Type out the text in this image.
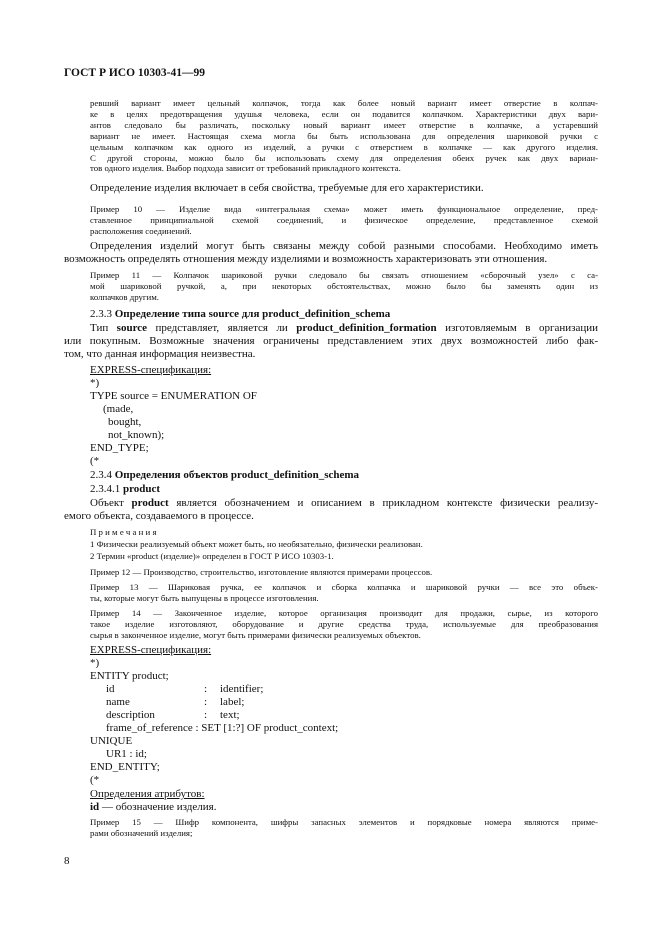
ГОСТ Р ИСО 10303-41—99
ревший вариант имеет цельный колпачок, тогда как более новый вариант имеет отверстие в колпач-
ке в целях предотвращения удушья человека, если он подавится колпачком. Характеристики двух вари-
антов следовало бы различать, поскольку новый вариант имеет отверстие в колпачке, а устаревший
вариант не имеет. Настоящая схема могла бы быть использована для определения шариковой ручки с
цельным колпачком как одного из изделий, а ручки с отверстием в колпачке — как другого изделия.
С другой стороны, можно было бы использовать схему для определения обеих ручек как двух вариан-
тов одного изделия. Выбор подхода зависит от требований прикладного контекста.
Определение изделия включает в себя свойства, требуемые для его характеристики.
Пример 10 — Изделие вида «интегральная схема» может иметь функциональное определение, пред-
ставленное принципиальной схемой соединений, и физическое определение, представленное схемой
расположения соединений.
Определения изделий могут быть связаны между собой разными способами. Необходимо иметь
возможность определять отношения между изделиями и возможность характеризовать эти отношения.
Пример 11 — Колпачок шариковой ручки следовало бы связать отношением «сборочный узел» с са-
мой шариковой ручкой, а, при некоторых обстоятельствах, можно было бы заменять один из
колпачков другим.
2.3.3 Определение типа source для product_definition_schema
Тип source представляет, является ли product_definition_formation изготовляемым в организации
или покупным. Возможные значения ограничены представлением этих двух возможностей либо фак-
том, что данная информация неизвестна.
EXPRESS-спецификация:
*)
TYPE source = ENUMERATION OF
(made,
bought,
not_known);
END_TYPE;
(*
2.3.4 Определения объектов product_definition_schema
2.3.4.1 product
Объект product является обозначением и описанием в прикладном контексте физически реализу-
емого объекта, создаваемого в процессе.
П р и м е ч а н и я
1 Физически реализуемый объект может быть, но необязательно, физически реализован.
2 Термин «product (изделие)» определен в ГОСТ Р ИСО 10303-1.
Пример 12 — Производство, строительство, изготовление являются примерами процессов.
Пример 13 — Шариковая ручка, ее колпачок и сборка колпачка и шариковой ручки — все это объек-
ты, которые могут быть выпущены в процессе изготовления.
Пример 14 — Законченное изделие, которое организация производит для продажи, сырье, из которого
такое изделие изготовляют, оборудование и другие средства труда, используемые для преобразования
сырья в законченное изделие, могут быть примерами физически реализуемых объектов.
EXPRESS-спецификация:
*)
ENTITY product;
id	: identifier;
name	: label;
description	: text;
frame_of_reference : SET [1:?] OF product_context;
UNIQUE
UR1 : id;
END_ENTITY;
(*
Определения атрибутов:
id — обозначение изделия.
Пример 15 — Шифр компонента, шифры запасных элементов и порядковые номера являются приме-
рами обозначений изделия;
8
